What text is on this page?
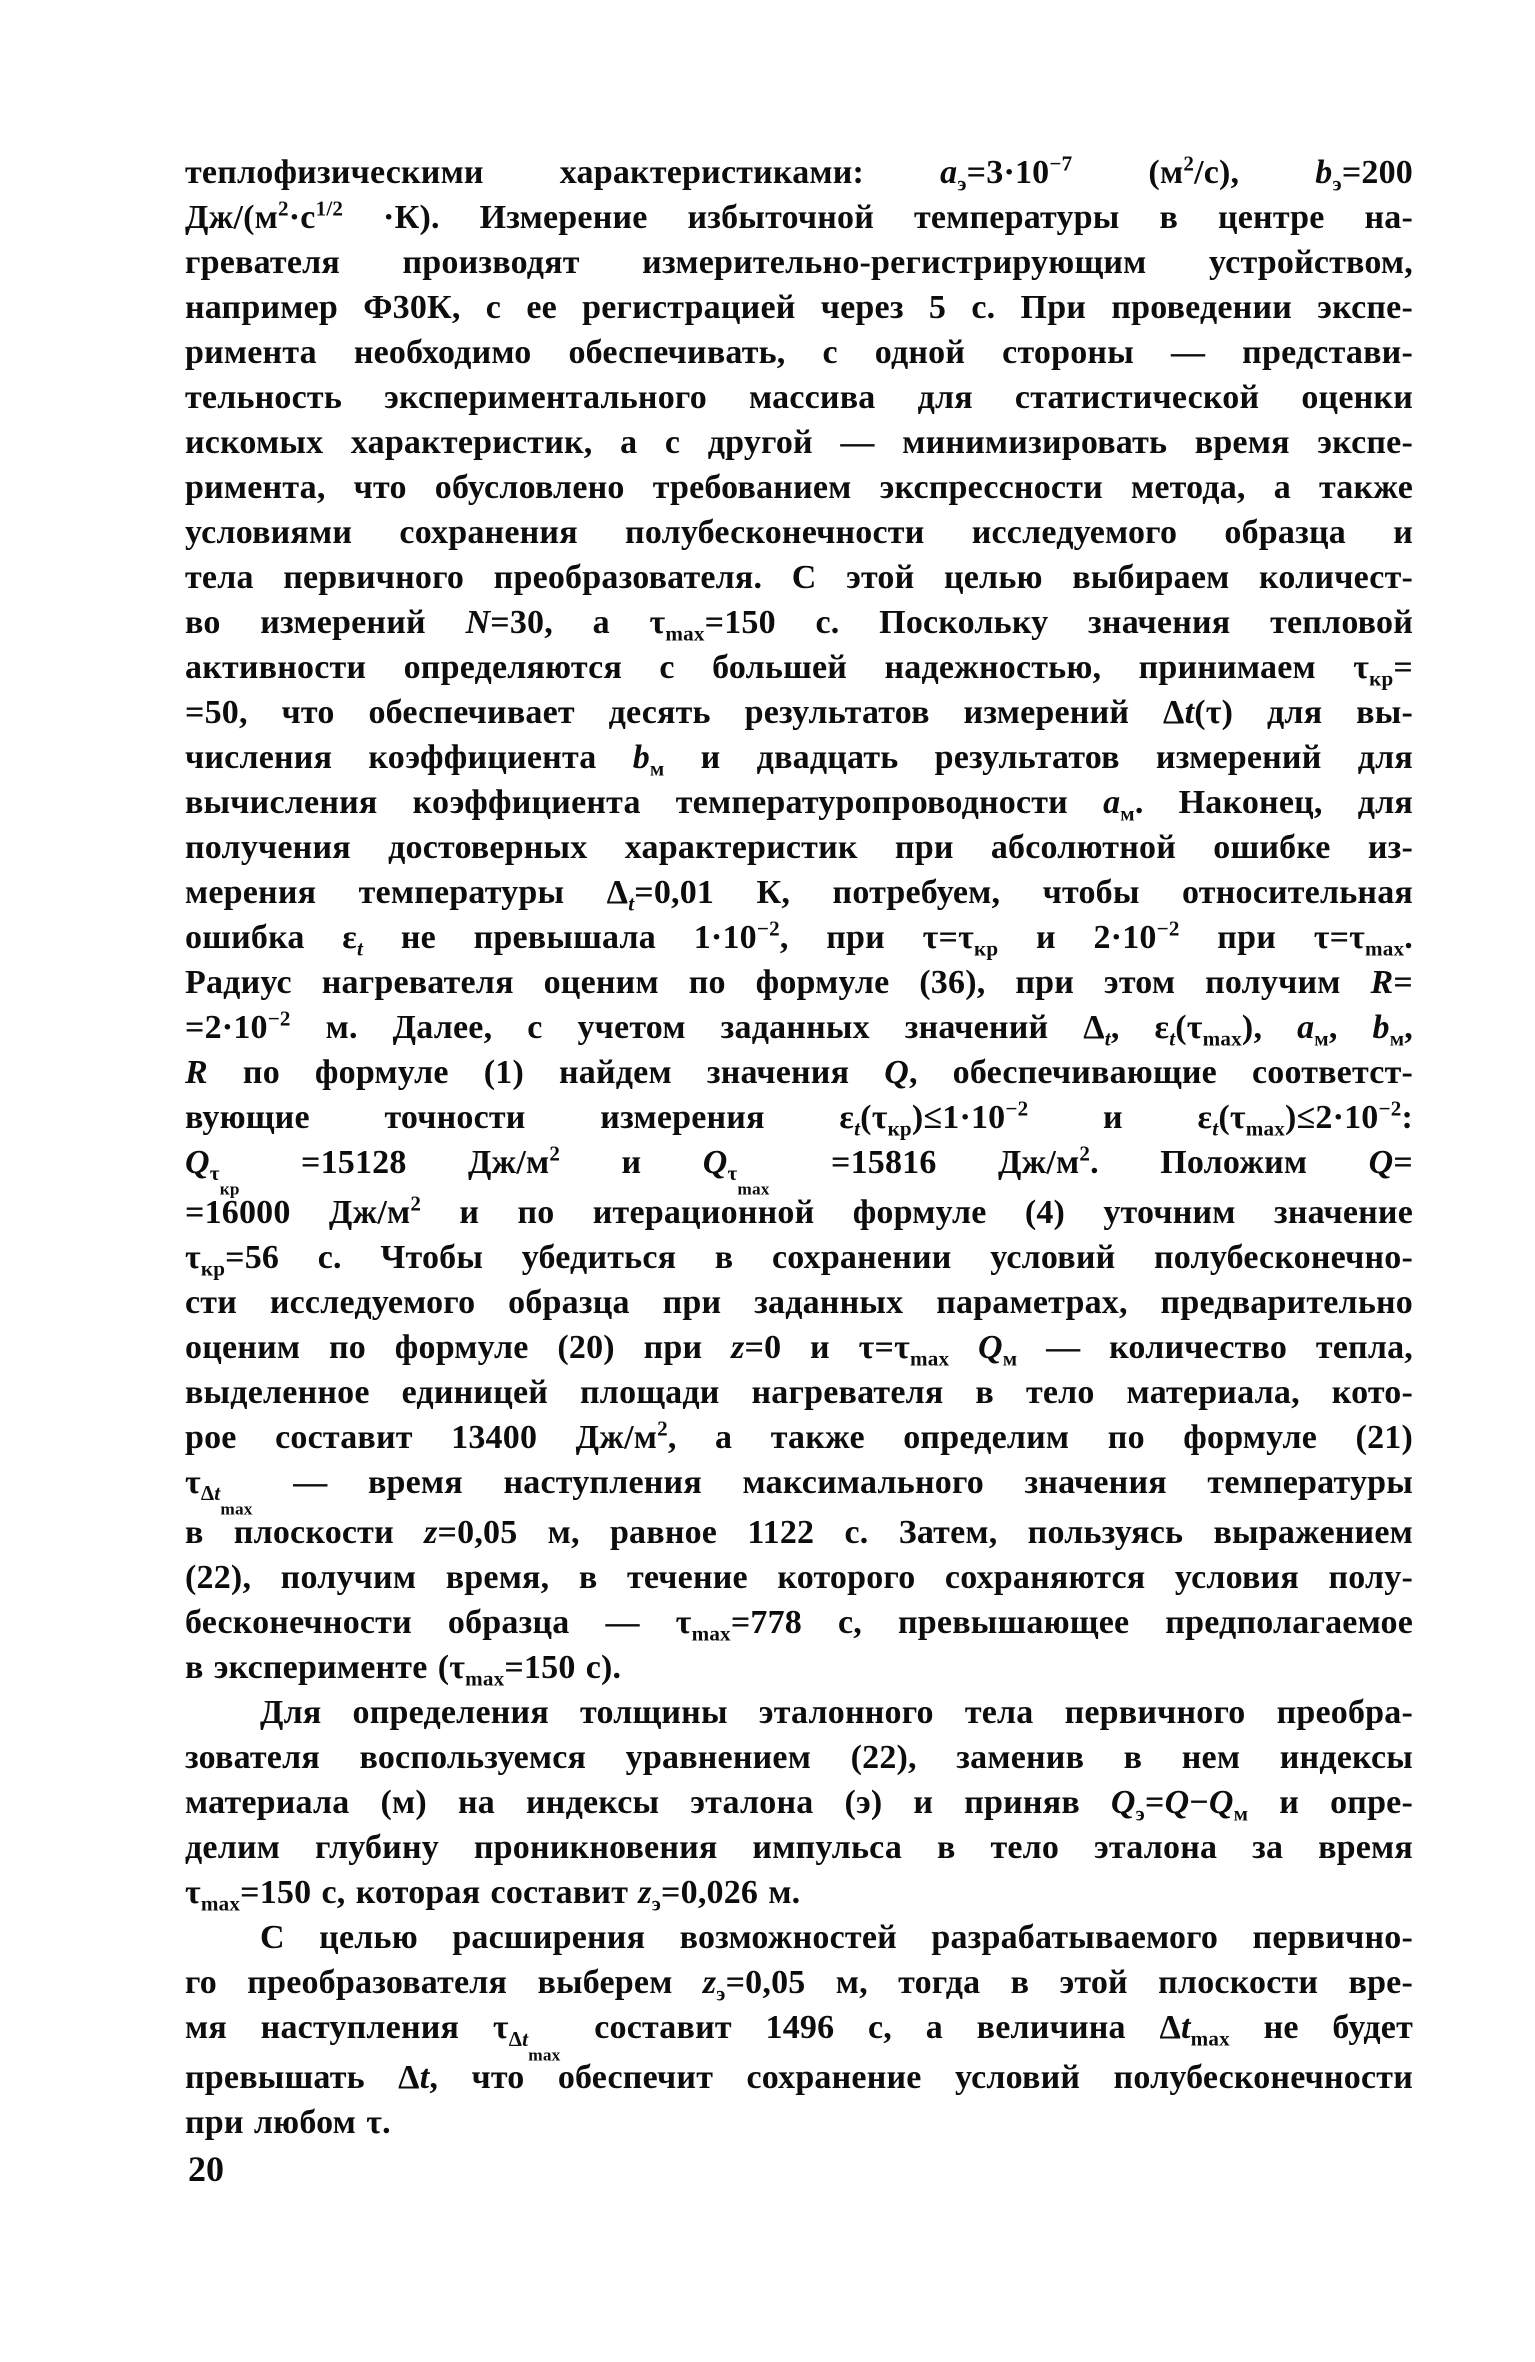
теплофизическими характеристиками: $a_э=3\cdot 10^{-7}$ $(м^2/с)$, $b_э=200$
$Дж/(м^2\cdot с^{1/2} \cdot К)$. Измерение избыточной температуры в центре на-
гревателя производят измерительно-регистрирующим устройством,
например Ф30К, с ее регистрацией через 5 с. При проведении экспе-
римента необходимо обеспечивать, с одной стороны — представи-
тельность экспериментального массива для статистической оценки
искомых характеристик, а с другой — минимизировать время экспе-
римента, что обусловлено требованием экспрессности метода, а также
условиями сохранения полубесконечности исследуемого образца и
тела первичного преобразователя. С этой целью выбираем количест-
во измерений N=30, а $\tau_{max}=150$ с. Поскольку значения тепловой
активности определяются с большей надежностью, принимаем $\tau_{кр}=$
=50, что обеспечивает десять результатов измерений Δt(τ) для вы-
числения коэффициента $b_м$ и двадцать результатов измерений для
вычисления коэффициента температуропроводности $a_м$. Наконец, для
получения достоверных характеристик при абсолютной ошибке из-
мерения температуры $\Delta_t=0,01$ К, потребуем, чтобы относительная
ошибка $\varepsilon_t$ не превышала $1\cdot 10^{-2}$, при $\tau=\tau_{кр}$ и $2\cdot 10^{-2}$ при $\tau=\tau_{max}$.
Радиус нагревателя оценим по формуле (36), при этом получим R=
$=2\cdot 10^{-2}$ м. Далее, с учетом заданных значений $\Delta_t$, $\varepsilon_t(\tau_{max})$, $a_м$, $b_м$,
R по формуле (1) найдем значения Q, обеспечивающие соответст-
вующие точности измерения $\varepsilon_t(\tau_{кр})\le 1\cdot 10^{-2}$ и $\varepsilon_t(\tau_{max})\le 2\cdot 10^{-2}$:
$Q_{\tau_{кр}} =15128$ $Дж/м^2$ и $Q_{\tau_{max}} =15816$ $Дж/м^2$. Положим Q=
=16000 $Дж/м^2$ и по итерационной формуле (4) уточним значение
$\tau_{кр}=56$ с. Чтобы убедиться в сохранении условий полубесконечно-
сти исследуемого образца при заданных параметрах, предварительно
оценим по формуле (20) при z=0 и $\tau=\tau_{max}$ $Q_м$ — количество тепла,
выделенное единицей площади нагревателя в тело материала, кото-
рое составит 13400 $Дж/м^2$, а также определим по формуле (21)
$\tau_{\Delta t_{max}}$ — время наступления максимального значения температуры
в плоскости z=0,05 м, равное 1122 с. Затем, пользуясь выражением
(22), получим время, в течение которого сохраняются условия полу-
бесконечности образца — $\tau_{max}=778$ с, превышающее предполагаемое
в эксперименте ($\tau_{max}=150$ с).
Для определения толщины эталонного тела первичного преобра-
зователя воспользуемся уравнением (22), заменив в нем индексы
материала (м) на индексы эталона (э) и приняв $Q_э=Q-Q_м$ и опре-
делим глубину проникновения импульса в тело эталона за время
$\tau_{max}=150$ с, которая составит $z_э=0,026$ м.
С целью расширения возможностей разрабатываемого первично-
го преобразователя выберем $z_э=0,05$ м, тогда в этой плоскости вре-
мя наступления $\tau_{\Delta t_{max}}$ составит 1496 с, а величина $\Delta t_{max}$ не будет
превышать Δt, что обеспечит сохранение условий полубесконечности
при любом τ.
20
